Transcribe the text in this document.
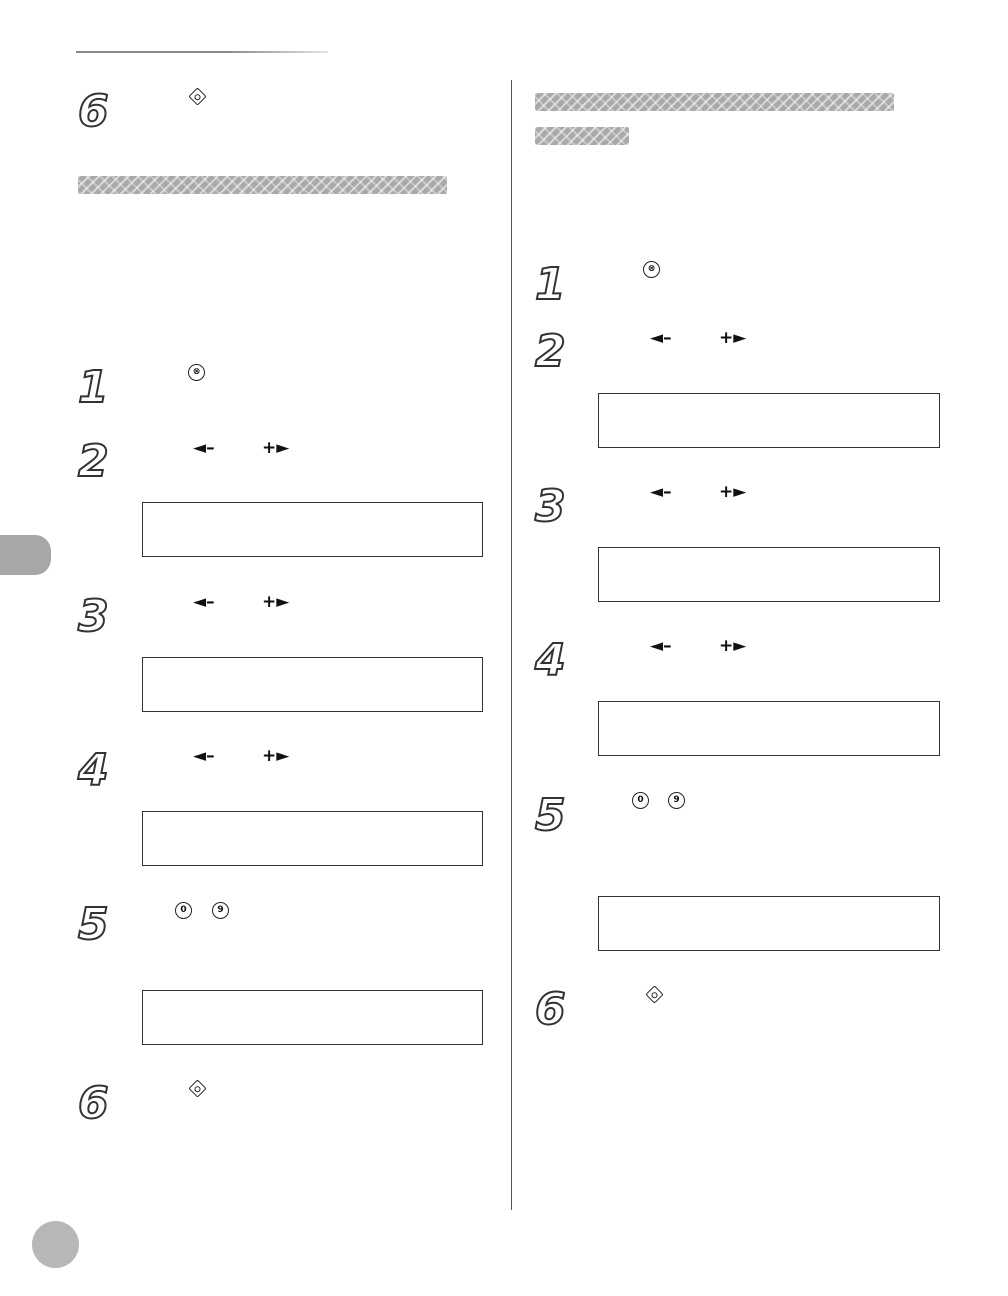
6
1	⊗
2	◄–	+►
3	◄–	+►
4	◄–	+►
5	0	9
6
1	⊗
2	◄–	+►
3	◄–	+►
4	◄–	+►
5	0	9
6
